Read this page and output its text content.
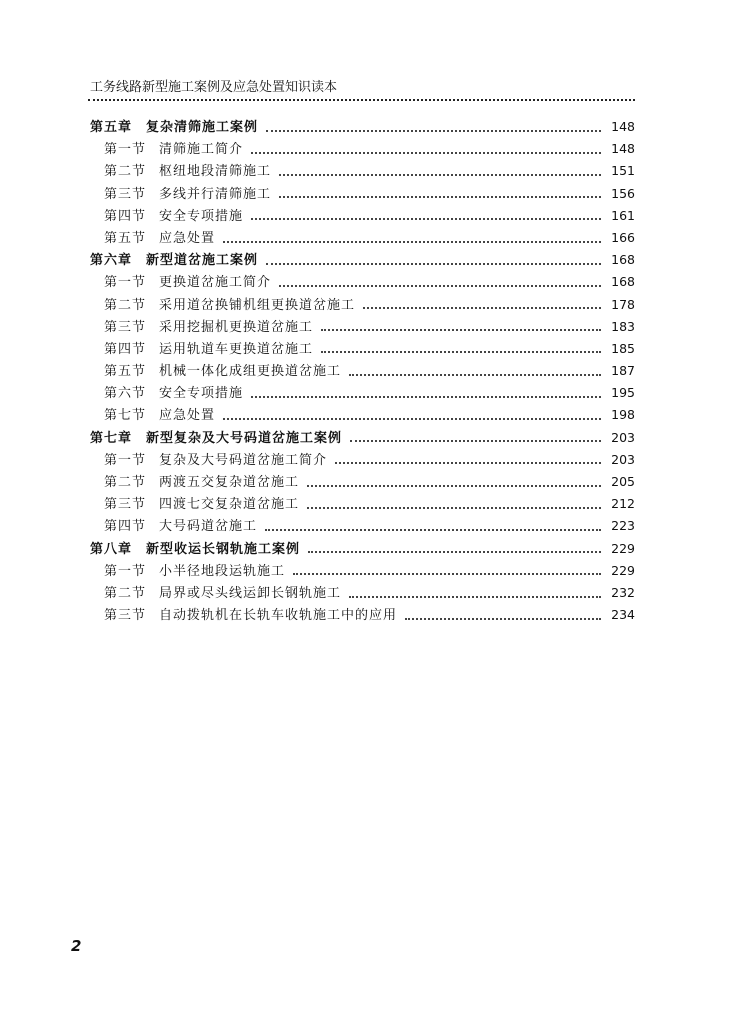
工务线路新型施工案例及应急处置知识读本
第五章	复杂清筛施工案例	148
第一节 清筛施工简介	148
第二节 枢纽地段清筛施工	151
第三节 多线并行清筛施工	156
第四节 安全专项措施	161
第五节 应急处置	166
第六章	新型道岔施工案例	168
第一节 更换道岔施工简介	168
第二节 采用道岔换铺机组更换道岔施工	178
第三节 采用挖掘机更换道岔施工	183
第四节 运用轨道车更换道岔施工	185
第五节 机械一体化成组更换道岔施工	187
第六节 安全专项措施	195
第七节 应急处置	198
第七章	新型复杂及大号码道岔施工案例	203
第一节 复杂及大号码道岔施工简介	203
第二节 两渡五交复杂道岔施工	205
第三节 四渡七交复杂道岔施工	212
第四节 大号码道岔施工	223
第八章	新型收运长钢轨施工案例	229
第一节 小半径地段运轨施工	229
第二节 局界或尽头线运卸长钢轨施工	232
第三节 自动拨轨机在长轨车收轨施工中的应用	234
2
